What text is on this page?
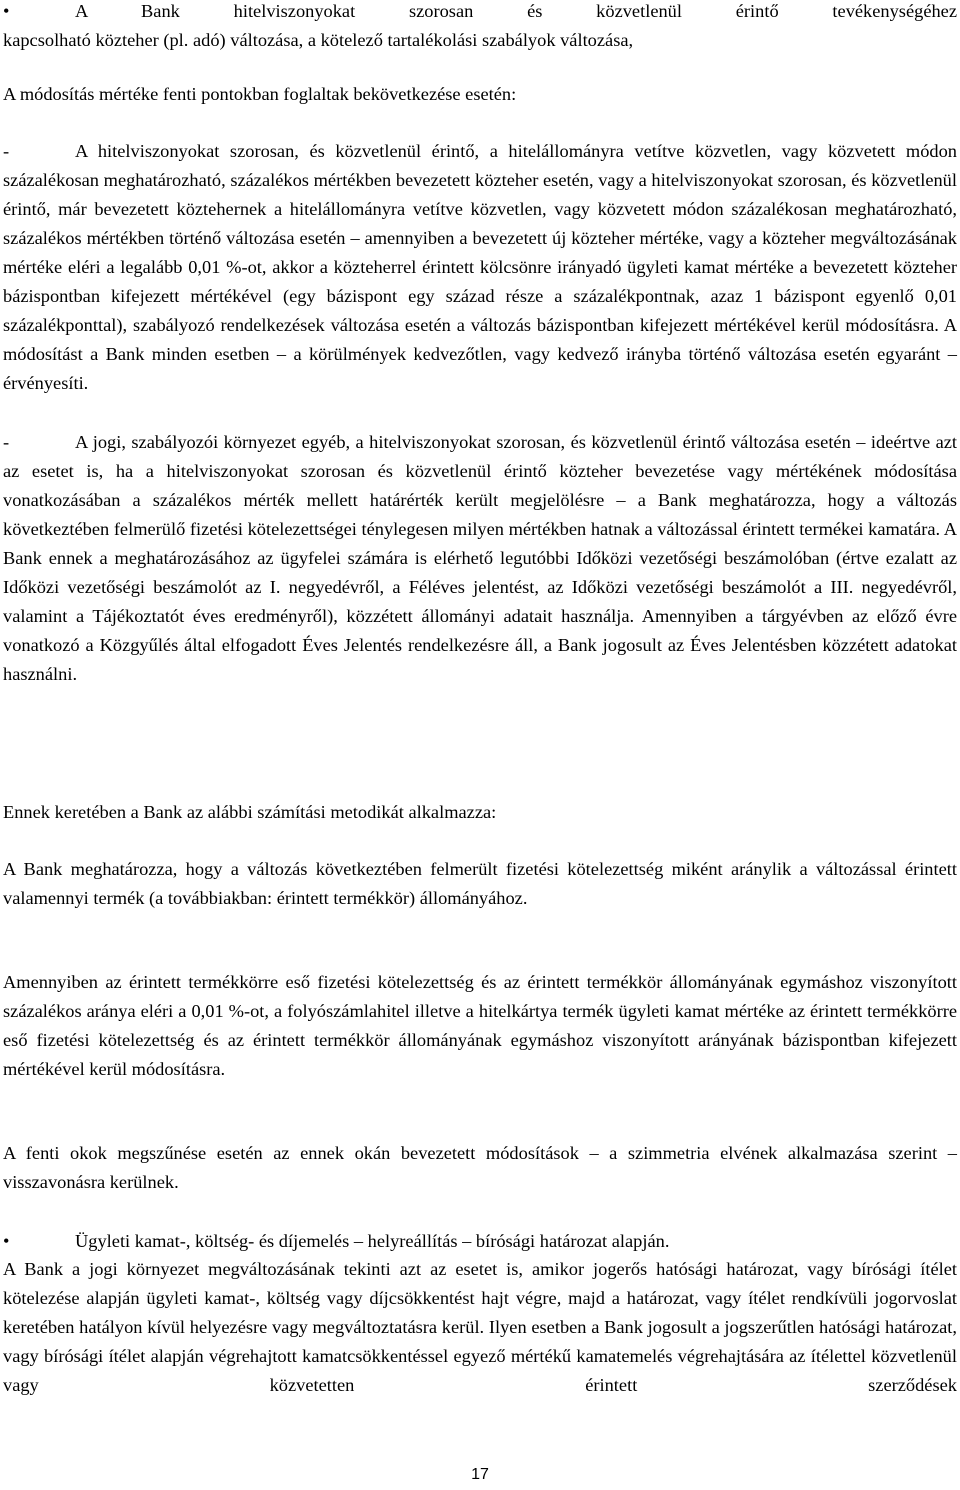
•	A Bank hitelviszonyokat szorosan és közvetlenül érintő tevékenységéhez
kapcsolható közteher (pl. adó) változása, a kötelező tartalékolási szabályok változása,

A módosítás mértéke fenti pontokban foglaltak bekövetkezése esetén:

-	A hitelviszonyokat szorosan, és közvetlenül érintő, a hitelállományra vetítve közvetlen, vagy közvetett módon százalékosan meghatározható, százalékos mértékben bevezetett közteher esetén, vagy a hitelviszonyokat szorosan, és közvetlenül érintő, már bevezetett köztehernek a hitelállományra vetítve közvetlen, vagy közvetett módon százalékosan meghatározható, százalékos mértékben történő változása esetén – amennyiben a bevezetett új közteher mértéke, vagy a közteher megváltozásának mértéke eléri a legalább 0,01 %-ot, akkor a közteherrel érintett kölcsönre irányadó ügyleti kamat mértéke a bevezetett közteher bázispontban kifejezett mértékével (egy bázispont egy század része a százalékpontnak, azaz 1 bázispont egyenlő 0,01 százalékponttal), szabályozó rendelkezések változása esetén a változás bázispontban kifejezett mértékével kerül módosításra. A módosítást a Bank minden esetben – a körülmények kedvezőtlen, vagy kedvező irányba történő változása esetén egyaránt – érvényesíti.
-	A jogi, szabályozói környezet egyéb, a hitelviszonyokat szorosan, és közvetlenül érintő változása esetén – ideértve azt az esetet is, ha a hitelviszonyokat szorosan és közvetlenül érintő közteher bevezetése vagy mértékének módosítása vonatkozásában a százalékos mérték mellett határérték került megjelölésre – a Bank meghatározza, hogy a változás következtében felmerülő fizetési kötelezettségei ténylegesen milyen mértékben hatnak a változással érintett termékei kamatára. A Bank ennek a meghatározásához az ügyfelei számára is elérhető legutóbbi Időközi vezetőségi beszámolóban (értve ezalatt az Időközi vezetőségi beszámolót az I. negyedévről, a Féléves jelentést, az Időközi vezetőségi beszámolót a III. negyedévről, valamint a Tájékoztatót éves eredményről), közzétett állományi adatait használja. Amennyiben a tárgyévben az előző évre vonatkozó a Közgyűlés által elfogadott Éves Jelentés rendelkezésre áll, a Bank jogosult az Éves Jelentésben közzétett adatokat használni.

Ennek keretében a Bank az alábbi számítási metodikát alkalmazza:

A Bank meghatározza, hogy a változás következtében felmerült fizetési kötelezettség miként aránylik a változással érintett valamennyi termék (a továbbiakban: érintett termékkör) állományához.

Amennyiben az érintett termékkörre eső fizetési kötelezettség és az érintett termékkör állományának egymáshoz viszonyított százalékos aránya eléri a 0,01 %-ot, a folyószámlahitel illetve a hitelkártya termék ügyleti kamat mértéke az érintett termékkörre eső fizetési kötelezettség és az érintett termékkör állományának egymáshoz viszonyított arányának bázispontban kifejezett mértékével kerül módosításra.

A fenti okok megszűnése esetén az ennek okán bevezetett módosítások – a szimmetria elvének alkalmazása szerint – visszavonásra kerülnek.

•	Ügyleti kamat-, költség- és díjemelés – helyreállítás – bírósági határozat alapján.

A Bank a jogi környezet megváltozásának tekinti azt az esetet is, amikor jogerős hatósági határozat, vagy bírósági ítélet kötelezése alapján ügyleti kamat-, költség vagy díjcsökkentést hajt végre, majd a határozat, vagy ítélet rendkívüli jogorvoslat keretében hatályon kívül helyezésre vagy megváltoztatásra kerül. Ilyen esetben a Bank jogosult a jogszerűtlen hatósági határozat, vagy bírósági ítélet alapján végrehajtott kamatcsökkentéssel egyező mértékű kamatemelés végrehajtására az ítélettel közvetlenül vagy közvetetten érintett szerződések

17
